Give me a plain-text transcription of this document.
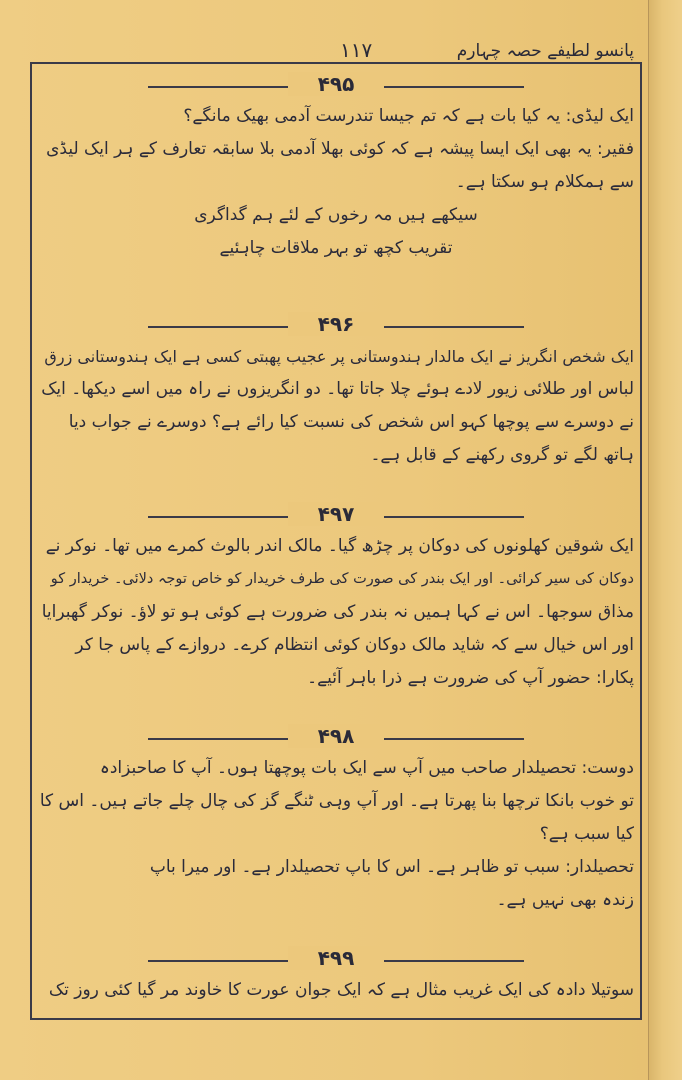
پانسو لطیفے حصہ چہارم
۱۱۷
۴۹۵
ایک لیڈی: یہ کیا بات ہے کہ تم جیسا تندرست آدمی بھیک مانگے؟
فقیر: یہ بھی ایک ایسا پیشہ ہے کہ کوئی بھلا آدمی بلا سابقہ تعارف کے ہر ایک لیڈی
سے ہمکلام ہو سکتا ہے۔
سیکھے ہیں مہ رخوں کے لئے ہم گداگری
تقریب کچھ تو بہر ملاقات چاہئیے
۴۹۶
ایک شخص انگریز نے ایک مالدار ہندوستانی پر عجیب پھبتی کسی ہے ایک ہندوستانی زرق
لباس اور طلائی زیور لادے ہوئے چلا جاتا تھا۔ دو انگریزوں نے راہ میں اسے دیکھا۔ ایک
نے دوسرے سے پوچھا کہو اس شخص کی نسبت کیا رائے ہے؟ دوسرے نے جواب دیا
ہاتھ لگے تو گروی رکھنے کے قابل ہے۔
۴۹۷
ایک شوقین کھلونوں کی دوکان پر چڑھ گیا۔ مالک اندر بالوث کمرے میں تھا۔ نوکر نے
دوکان کی سیر کرائی۔ اور ایک بندر کی صورت کی طرف خریدار کو خاص توجہ دلائی۔ خریدار کو
مذاق سوجھا۔ اس نے کہا ہمیں نہ بندر کی ضرورت ہے کوئی ہو تو لاؤ۔ نوکر گھبرایا
اور اس خیال سے کہ شاید مالک دوکان کوئی انتظام کرے۔ دروازے کے پاس جا کر
پکارا: حضور آپ کی ضرورت ہے ذرا باہر آئیے۔
۴۹۸
دوست: تحصیلدار صاحب میں آپ سے ایک بات پوچھتا ہوں۔ آپ کا صاحبزادہ
تو خوب بانکا ترچھا بنا پھرتا ہے۔ اور آپ وہی ٹنگے گز کی چال چلے جاتے ہیں۔ اس کا
کیا سبب ہے؟
تحصیلدار: سبب تو ظاہر ہے۔ اس کا باپ تحصیلدار ہے۔ اور میرا باپ
زندہ بھی نہیں ہے۔
۴۹۹
سوتیلا دادہ کی ایک غریب مثال ہے کہ ایک جوان عورت کا خاوند مر گیا کئی روز تک
